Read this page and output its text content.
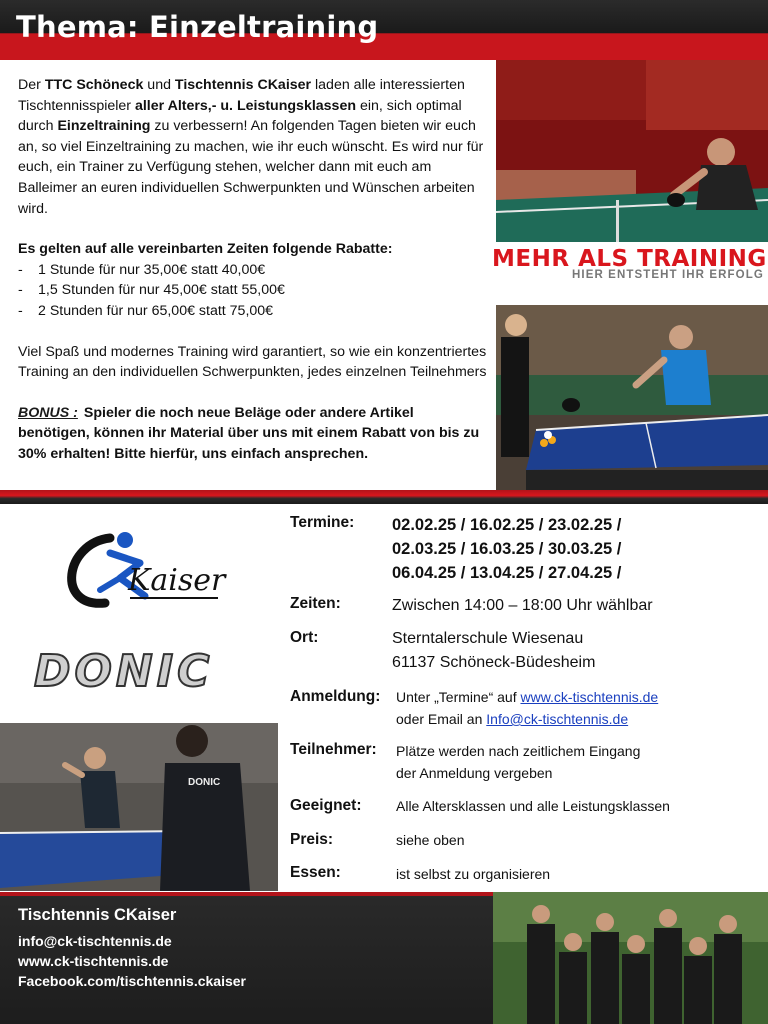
Thema: Einzeltraining

Der TTC Schöneck und Tischtennis CKaiser laden alle interessierten Tischtennisspieler aller Alters,- u. Leistungsklassen ein, sich optimal durch Einzeltraining zu verbessern! An folgenden Tagen bieten wir euch an, so viel Einzeltraining zu machen, wie ihr euch wünscht. Es wird nur für euch, ein Trainer zu Verfügung stehen, welcher dann mit euch am Balleimer an euren individuellen Schwerpunkten und Wünschen arbeiten wird.

Es gelten auf alle vereinbarten Zeiten folgende Rabatte:
- 1 Stunde für nur 35,00€ statt 40,00€
- 1,5 Stunden für nur 45,00€ statt 55,00€
- 2 Stunden für nur 65,00€ statt 75,00€

Viel Spaß und modernes Training wird garantiert, so wie ein konzentriertes Training an den individuellen Schwerpunkten, jedes einzelnen Teilnehmers

BONUS : Spieler die noch neue Beläge oder andere Artikel benötigen, können ihr Material über uns mit einem Rabatt von bis zu 30% erhalten! Bitte hierfür, uns einfach ansprechen.

MEHR ALS TRAINING
HIER ENTSTEHT IHR ERFOLG
Kaiser
DONIC
DONIC
Termine: 02.02.25 / 16.02.25 / 23.02.25 /
02.03.25 / 16.03.25 / 30.03.25 /
06.04.25 / 13.04.25 / 27.04.25 /
Zeiten:	Zwischen 14:00 – 18:00 Uhr wählbar
Ort:	Sterntalerschule Wiesenau
61137 Schöneck-Büdesheim
Anmeldung: Unter „Termine“ auf www.ck-tischtennis.de
oder Email an Info@ck-tischtennis.de
Teilnehmer: Plätze werden nach zeitlichem Eingang
der Anmeldung vergeben
Geeignet: Alle Altersklassen und alle Leistungsklassen
Preis:	siehe oben
Essen:	ist selbst zu organisieren
Tischtennis CKaiser
info@ck-tischtennis.de
www.ck-tischtennis.de
Facebook.com/tischtennis.ckaiser
